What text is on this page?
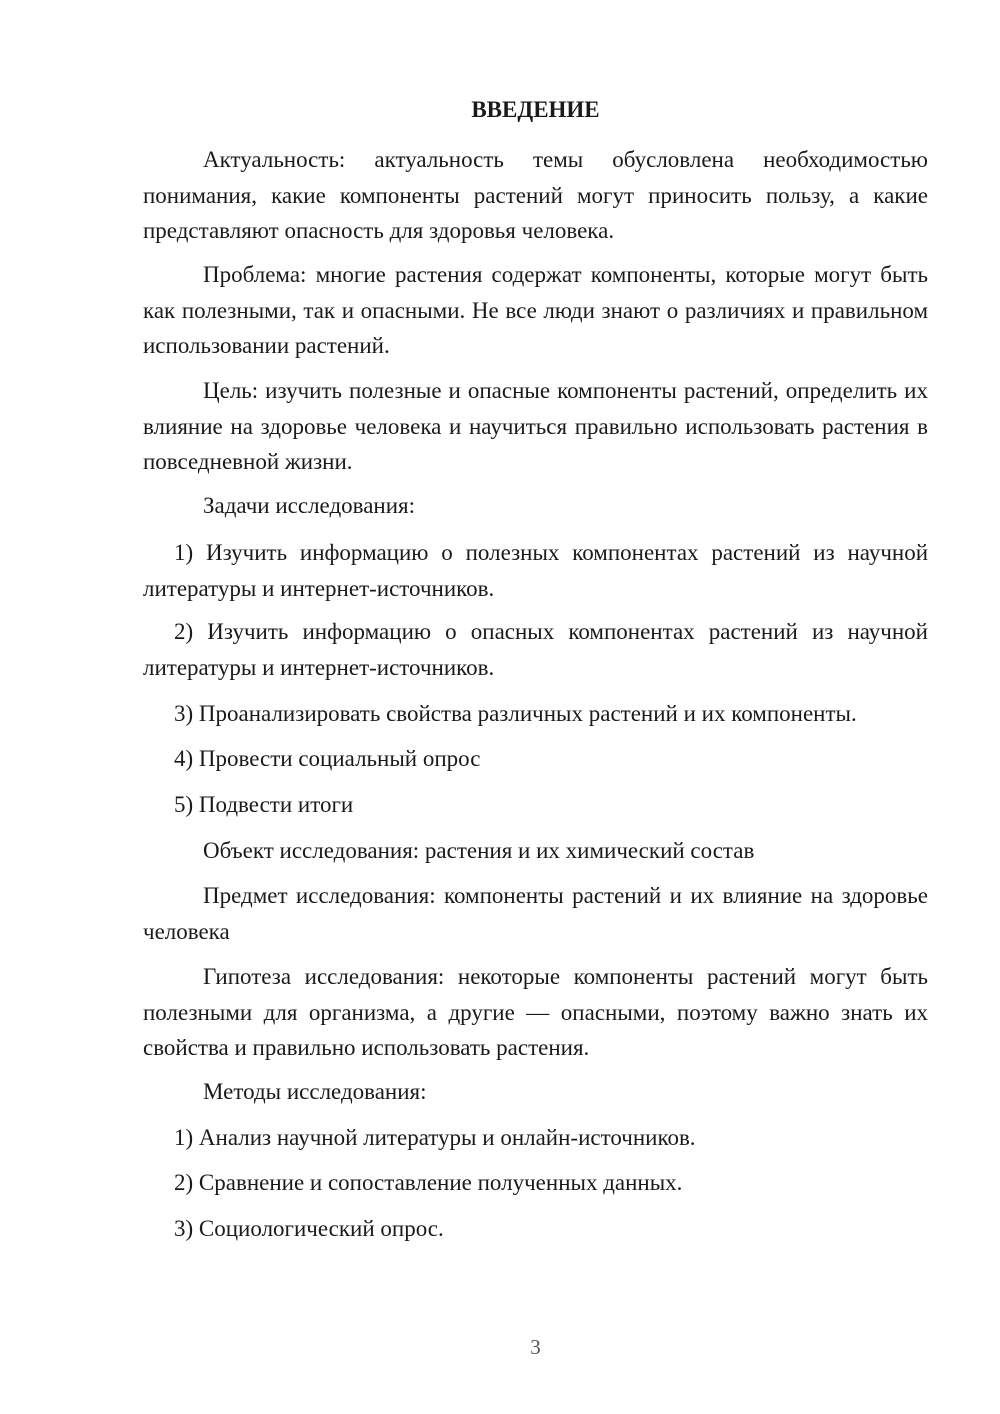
ВВЕДЕНИЕ

Актуальность: актуальность темы обусловлена необходимостью понимания, какие компоненты растений могут приносить пользу, а какие представляют опасность для здоровья человека.

Проблема: многие растения содержат компоненты, которые могут быть как полезными, так и опасными. Не все люди знают о различиях и правильном использовании растений.

Цель: изучить полезные и опасные компоненты растений, определить их влияние на здоровье человека и научиться правильно использовать растения в повседневной жизни.

Задачи исследования:

1) Изучить информацию о полезных компонентах растений из научной литературы и интернет-источников.

2) Изучить информацию о опасных компонентах растений из научной литературы и интернет-источников.

3) Проанализировать свойства различных растений и их компоненты.

4) Провести социальный опрос

5) Подвести итоги

Объект исследования: растения и их химический состав

Предмет исследования: компоненты растений и их влияние на здоровье человека

Гипотеза исследования: некоторые компоненты растений могут быть полезными для организма, а другие — опасными, поэтому важно знать их свойства и правильно использовать растения.

Методы исследования:

1) Анализ научной литературы и онлайн-источников.

2) Сравнение и сопоставление полученных данных.

3) Социологический опрос.

3
